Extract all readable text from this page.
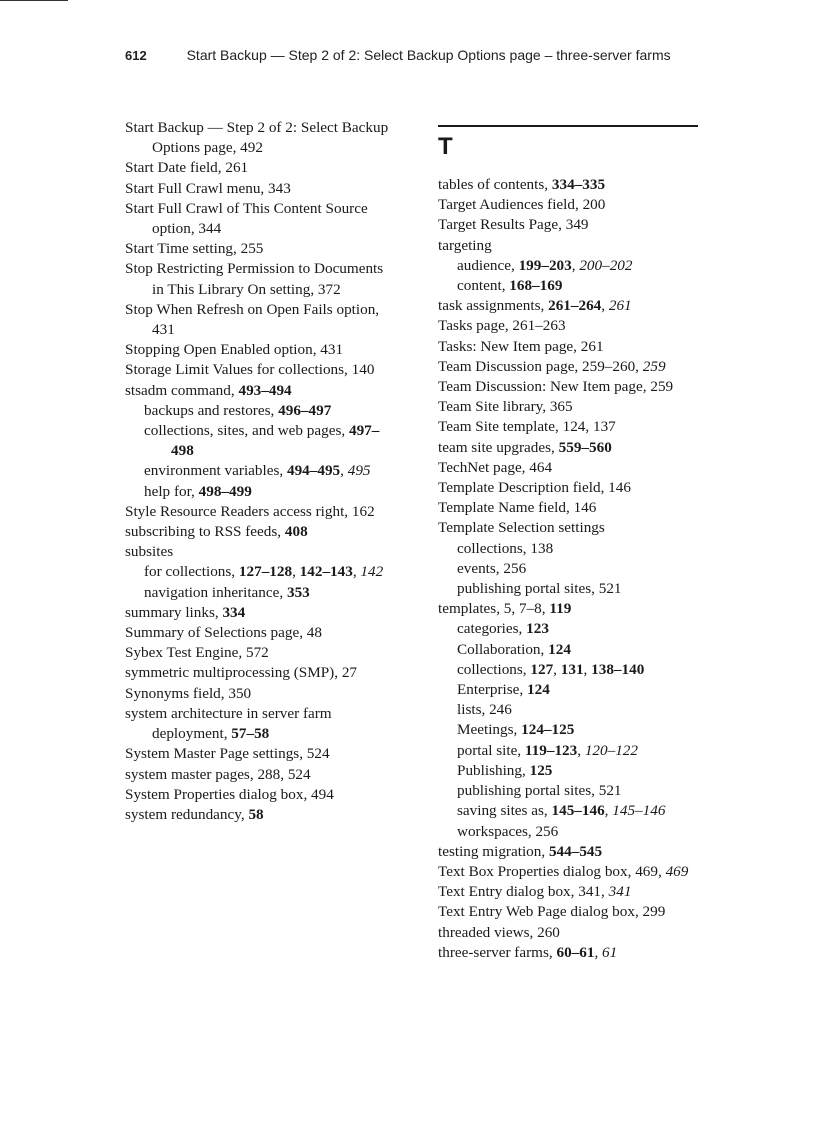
612	Start Backup — Step 2 of 2: Select Backup Options page – three-server farms
Start Backup — Step 2 of 2: Select Backup Options page, 492
Start Date field, 261
Start Full Crawl menu, 343
Start Full Crawl of This Content Source option, 344
Start Time setting, 255
Stop Restricting Permission to Documents in This Library On setting, 372
Stop When Refresh on Open Fails option, 431
Stopping Open Enabled option, 431
Storage Limit Values for collections, 140
stsadm command, 493–494
backups and restores, 496–497
collections, sites, and web pages, 497–498
environment variables, 494–495, 495
help for, 498–499
Style Resource Readers access right, 162
subscribing to RSS feeds, 408
subsites
for collections, 127–128, 142–143, 142
navigation inheritance, 353
summary links, 334
Summary of Selections page, 48
Sybex Test Engine, 572
symmetric multiprocessing (SMP), 27
Synonyms field, 350
system architecture in server farm deployment, 57–58
System Master Page settings, 524
system master pages, 288, 524
System Properties dialog box, 494
system redundancy, 58
T
tables of contents, 334–335
Target Audiences field, 200
Target Results Page, 349
targeting
audience, 199–203, 200–202
content, 168–169
task assignments, 261–264, 261
Tasks page, 261–263
Tasks: New Item page, 261
Team Discussion page, 259–260, 259
Team Discussion: New Item page, 259
Team Site library, 365
Team Site template, 124, 137
team site upgrades, 559–560
TechNet page, 464
Template Description field, 146
Template Name field, 146
Template Selection settings
collections, 138
events, 256
publishing portal sites, 521
templates, 5, 7–8, 119
categories, 123
Collaboration, 124
collections, 127, 131, 138–140
Enterprise, 124
lists, 246
Meetings, 124–125
portal site, 119–123, 120–122
Publishing, 125
publishing portal sites, 521
saving sites as, 145–146, 145–146
workspaces, 256
testing migration, 544–545
Text Box Properties dialog box, 469, 469
Text Entry dialog box, 341, 341
Text Entry Web Page dialog box, 299
threaded views, 260
three-server farms, 60–61, 61
